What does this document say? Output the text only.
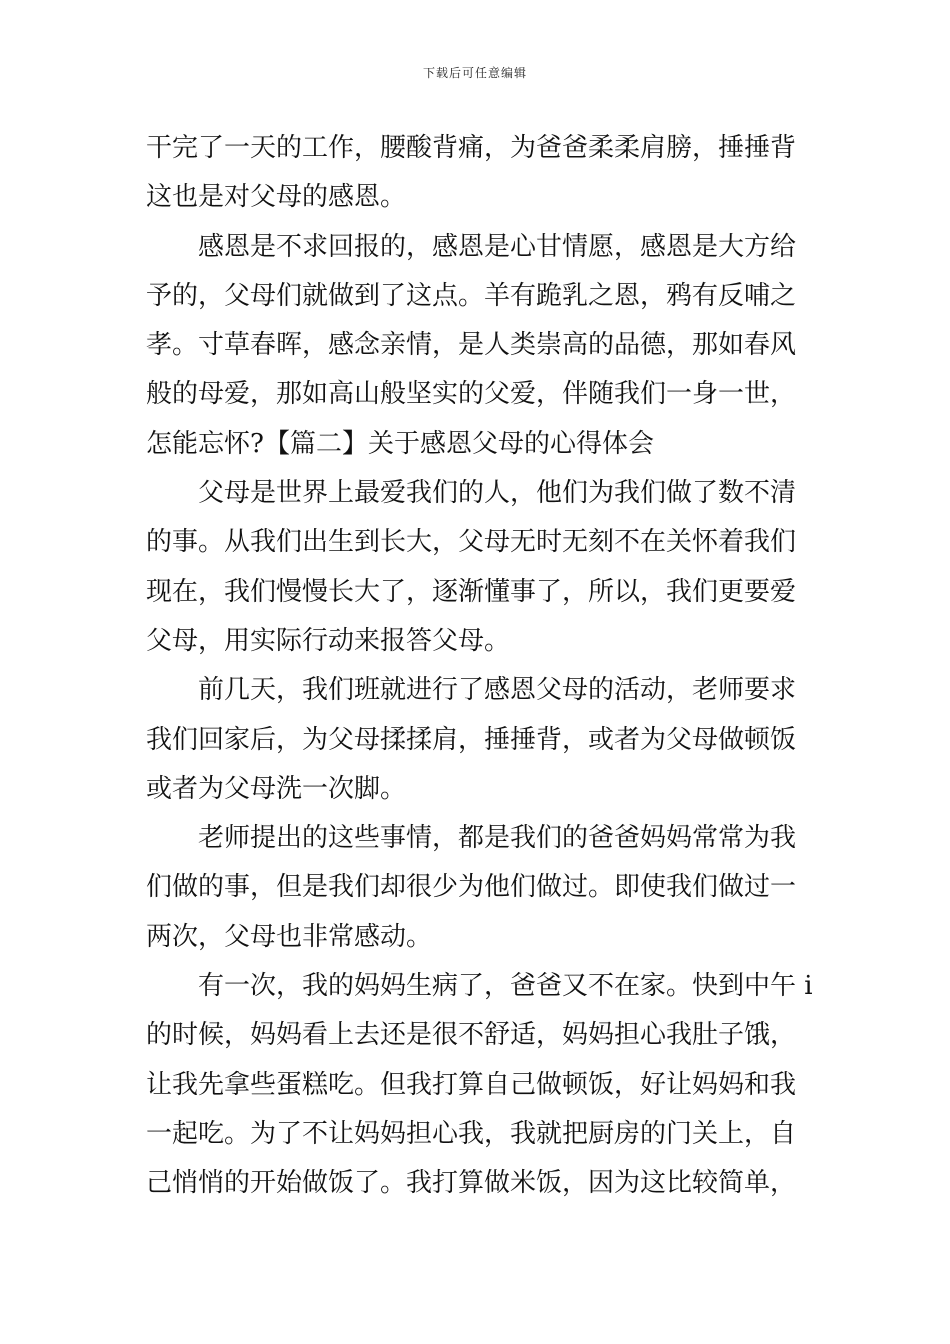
下载后可任意编辑
干完了一天的工作，腰酸背痛，为爸爸柔柔肩膀，捶捶背
这也是对父母的感恩。
感恩是不求回报的，感恩是心甘情愿，感恩是大方给
予的，父母们就做到了这点。羊有跪乳之恩，鸦有反哺之
孝。寸草春晖，感念亲情，是人类崇高的品德，那如春风
般的母爱，那如高山般坚实的父爱，伴随我们一身一世，
怎能忘怀?【篇二】关于感恩父母的心得体会
父母是世界上最爱我们的人，他们为我们做了数不清
的事。从我们出生到长大，父母无时无刻不在关怀着我们
现在，我们慢慢长大了，逐渐懂事了，所以，我们更要爱
父母，用实际行动来报答父母。
前几天，我们班就进行了感恩父母的活动，老师要求
我们回家后，为父母揉揉肩，捶捶背，或者为父母做顿饭
或者为父母洗一次脚。
老师提出的这些事情，都是我们的爸爸妈妈常常为我
们做的事，但是我们却很少为他们做过。即使我们做过一
两次，父母也非常感动。
有一次，我的妈妈生病了，爸爸又不在家。快到中午 i
的时候，妈妈看上去还是很不舒适，妈妈担心我肚子饿，
让我先拿些蛋糕吃。但我打算自己做顿饭，好让妈妈和我
一起吃。为了不让妈妈担心我，我就把厨房的门关上，自
己悄悄的开始做饭了。我打算做米饭，因为这比较简单，
